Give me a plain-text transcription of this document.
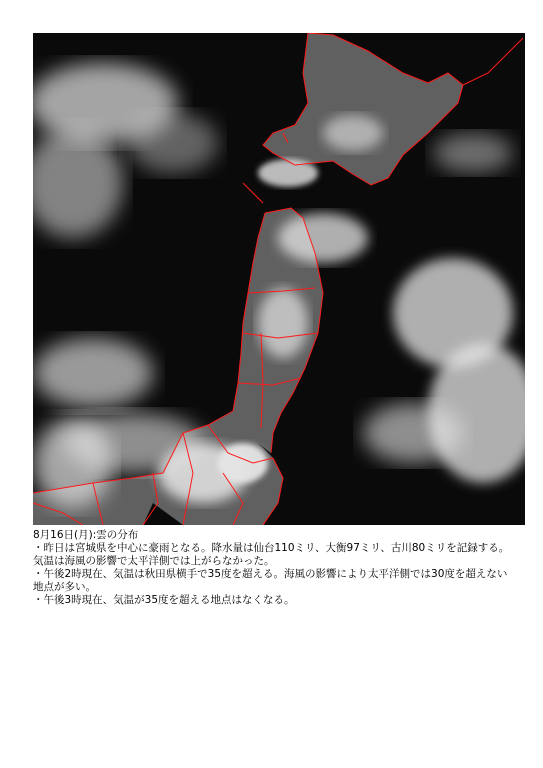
8月16日(月):雲の分布

・昨日は宮城県を中心に豪雨となる。降水量は仙台110ミリ、大衡97ミリ、古川80ミリを記録する。気温は海風の影響で太平洋側では上がらなかった。
・午後2時現在、気温は秋田県横手で35度を超える。海風の影響により太平洋側では30度を超えない地点が多い。
・午後3時現在、気温が35度を超える地点はなくなる。
